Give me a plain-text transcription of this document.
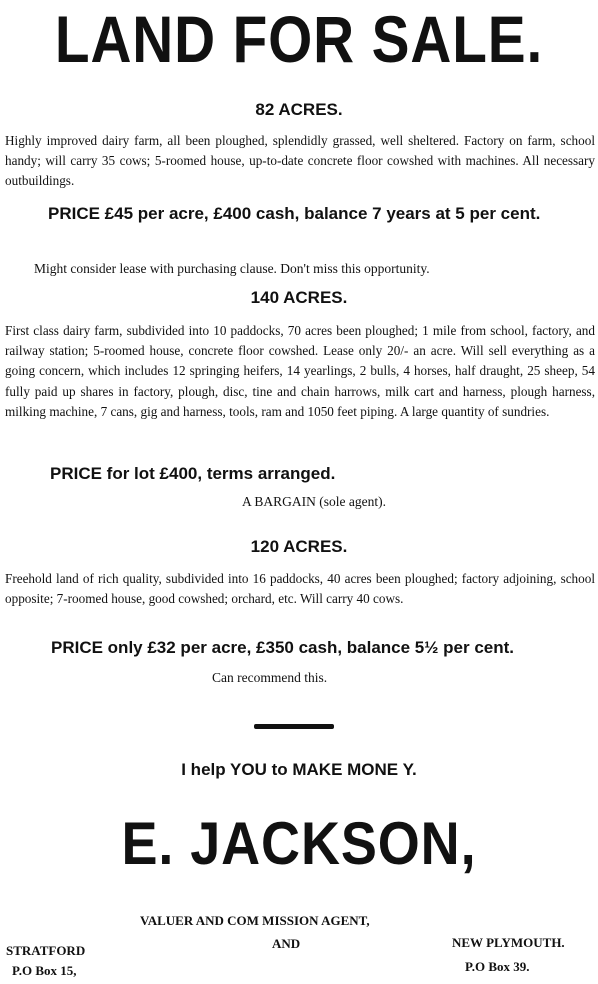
LAND FOR SALE.
82 ACRES.
Highly improved dairy farm, all been ploughed, splendidly grassed, well sheltered. Factory on farm, school handy; will carry 35 cows; 5-roomed house, up-to-date concrete floor cowshed with machines. All necessary outbuildings.
PRICE £45 per acre, £400 cash, balance 7 years at 5 per cent.
Might consider lease with purchasing clause. Don't miss this opportunity.
140 ACRES.
First class dairy farm, subdivided into 10 paddocks, 70 acres been ploughed; 1 mile from school, factory, and railway station; 5-roomed house, concrete floor cowshed. Lease only 20/- an acre. Will sell everything as a going concern, which includes 12 springing heifers, 14 yearlings, 2 bulls, 4 horses, half draught, 25 sheep, 54 fully paid up shares in factory, plough, disc, tine and chain harrows, milk cart and harness, plough harness, milking machine, 7 cans, gig and harness, tools, ram and 1050 feet piping. A large quantity of sundries.
PRICE for lot £400, terms arranged.
A BARGAIN (sole agent).
120 ACRES.
Freehold land of rich quality, subdivided into 16 paddocks, 40 acres been ploughed; factory adjoining, school opposite; 7-roomed house, good cowshed; orchard, etc. Will carry 40 cows.
PRICE only £32 per acre, £350 cash, balance 5½ per cent.
Can recommend this.
I help YOU to MAKE MONE Y.
E. JACKSON,
VALUER AND COM MISSION AGENT,
AND
STRATFORD
P.O Box 15,
NEW PLYMOUTH.
P.O Box 39.
